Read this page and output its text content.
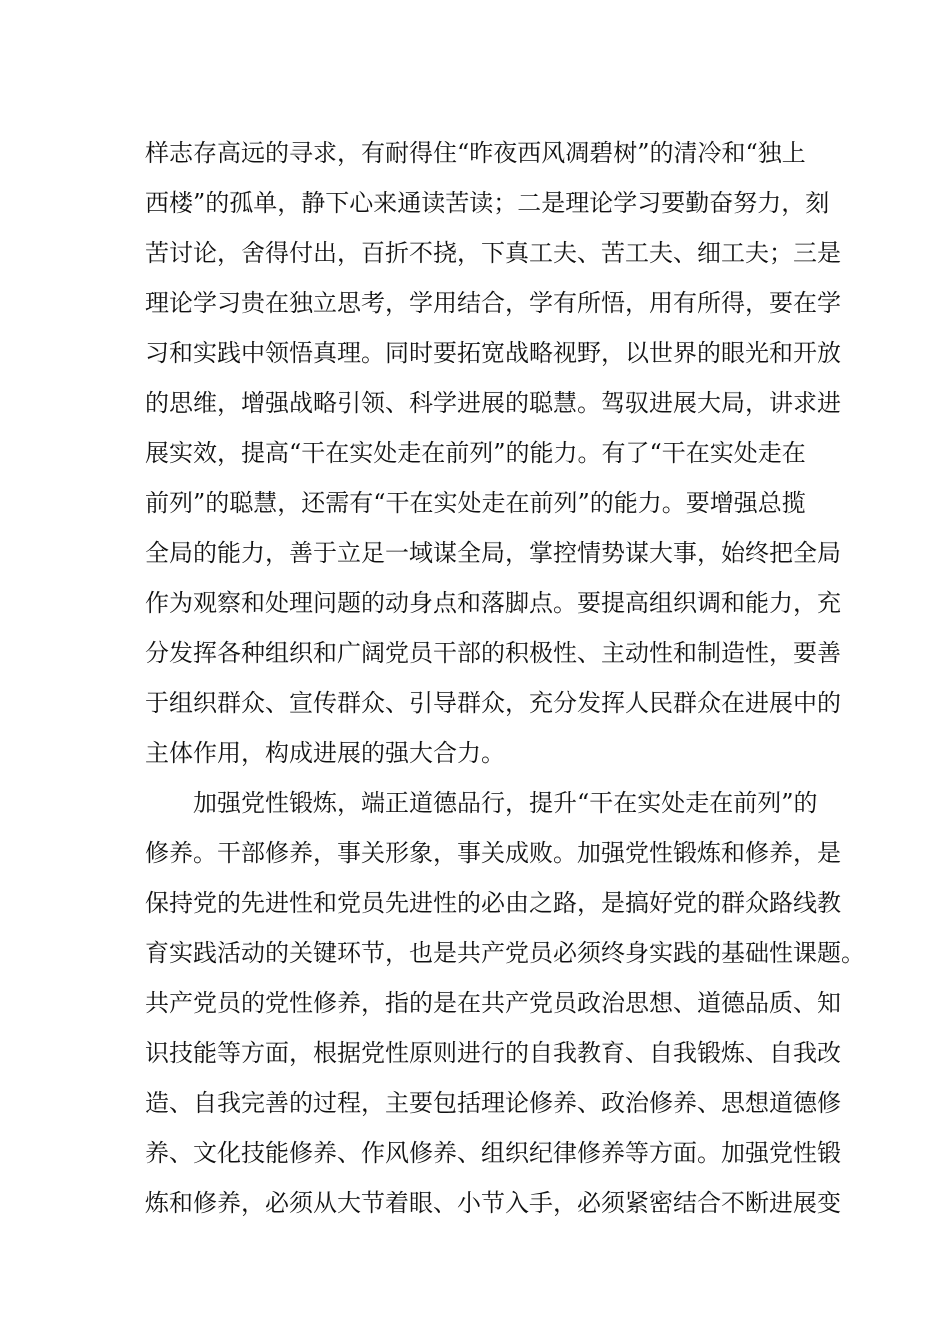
样志存高远的寻求，有耐得住“昨夜西风凋碧树”的清冷和“独上
西楼”的孤单，静下心来通读苦读；二是理论学习要勤奋努力，刻
苦讨论，舍得付出，百折不挠，下真工夫、苦工夫、细工夫；三是
理论学习贵在独立思考，学用结合，学有所悟，用有所得，要在学
习和实践中领悟真理。同时要拓宽战略视野，以世界的眼光和开放
的思维，增强战略引领、科学进展的聪慧。驾驭进展大局，讲求进
展实效，提高“干在实处走在前列”的能力。有了“干在实处走在
前列”的聪慧，还需有“干在实处走在前列”的能力。要增强总揽
全局的能力，善于立足一域谋全局，掌控情势谋大事，始终把全局
作为观察和处理问题的动身点和落脚点。要提高组织调和能力，充
分发挥各种组织和广阔党员干部的积极性、主动性和制造性，要善
于组织群众、宣传群众、引导群众，充分发挥人民群众在进展中的
主体作用，构成进展的强大合力。
加强党性锻炼，端正道德品行，提升“干在实处走在前列”的
修养。干部修养，事关形象，事关成败。加强党性锻炼和修养，是
保持党的先进性和党员先进性的必由之路，是搞好党的群众路线教
育实践活动的关键环节，也是共产党员必须终身实践的基础性课题。
共产党员的党性修养，指的是在共产党员政治思想、道德品质、知
识技能等方面，根据党性原则进行的自我教育、自我锻炼、自我改
造、自我完善的过程，主要包括理论修养、政治修养、思想道德修
养、文化技能修养、作风修养、组织纪律修养等方面。加强党性锻
炼和修养，必须从大节着眼、小节入手，必须紧密结合不断进展变
